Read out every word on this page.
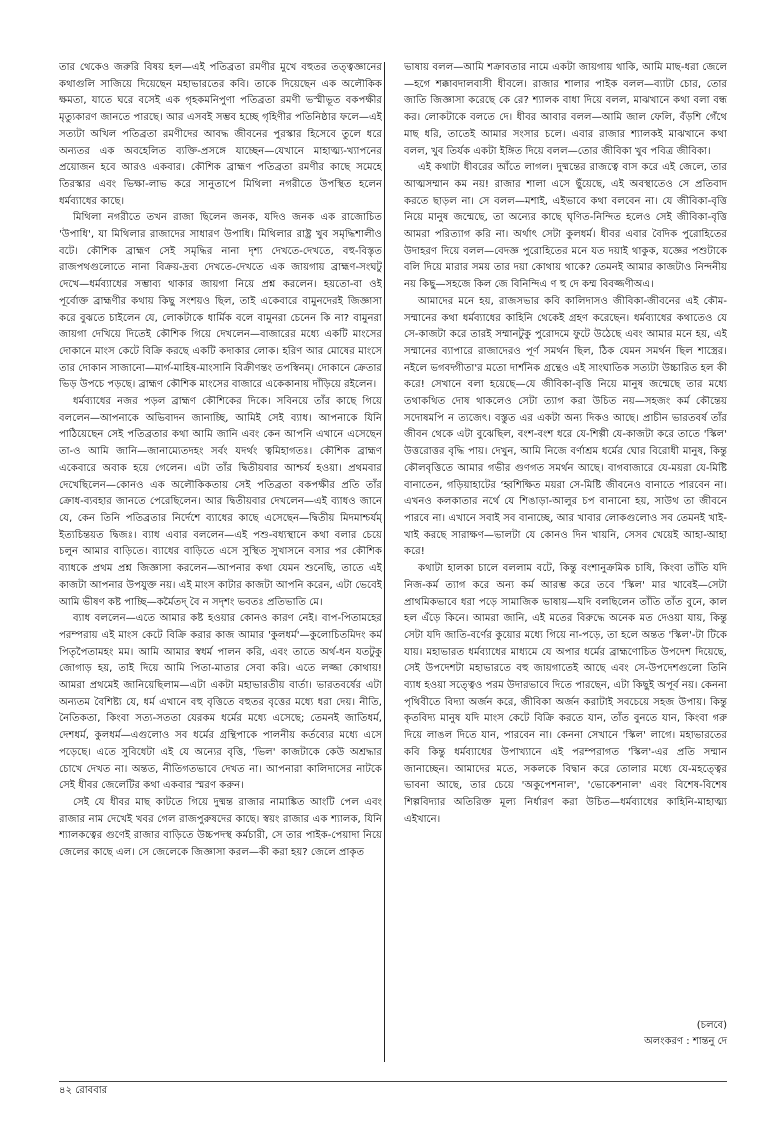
তার থেকেও জরুরি বিষয় হল—এই পতিব্রতা রমণীর মুখে বহুতর তত্ত্বজ্ঞানের কথাগুলি সাজিয়ে দিয়েছেন মহাভারতের কবি। তাকে দিয়েছেন এক অলৌকিক ক্ষমতা, যাতে ঘরে বসেই এক গৃহকমনিপুণা পতিব্রতা রমণী ভস্মীভূত বকপক্ষীর মৃত্যুকারণ জানতে পারছে। আর এসবই সম্ভব হচ্ছে গৃহিণীর পতিনিষ্ঠার ফলে—এই সত্যটা অখিল পতিব্রতা রমণীদের আবদ্ধ জীবনের পুরস্কার হিসেবে তুলে ধরে অন্যতর এক অবহেলিত ব্যক্তি-প্রসঙ্গে যাচ্ছেন—যেখানে মাহাত্ম্য-খ্যাপনের প্রয়োজন হবে আরও একবার। কৌশিক ব্রাহ্মণ পতিব্রতা রমণীর কাছে সমেহে তিরস্কার এবং ভিক্ষা-লাভ করে সানুতাপে মিথিলা নগরীতে উপস্থিত হলেন ধর্মব্যাধের কাছে।

মিথিলা নগরীতে তখন রাজা ছিলেন জনক, যদিও জনক এক রাজোচিত 'উপাধি', যা মিথিলার রাজাদের সাধারণ উপাধি। মিথিলার রাষ্ট্র খুব সমৃদ্ধিশালীও বটে। কৌশিক ব্রাহ্মণ সেই সমৃদ্ধির নানা দৃশ্য দেখতে-দেখতে, বহু-বিস্তৃত রাজপথগুলোতে নানা বিক্রয়-দ্রব্য দেখতে-দেখতে এক জায়গায় ব্রাহ্মণ-সংঘটু দেখে—ধর্মব্যাধের সম্ভাব্য থাকার জায়গা নিয়ে প্রশ্ন করলেন। হয়তো-বা ওই পূর্বোক্ত ব্রাহ্মণীর কথায় কিছু সংশয়ও ছিল, তাই একেবারে বামুনদেরই জিজ্ঞাসা করে বুঝতে চাইলেন যে, লোকটাকে ধার্মিক বলে বামুনরা চেনেন কি না? বামুনরা জায়গা দেখিয়ে দিতেই কৌশিক গিয়ে দেখলেন—বাজারের মধ্যে একটি মাংসের দোকানে মাংস কেটে বিক্রি করছে একটি কদাকার লোক। হরিণ আর মোষের মাংসে তার দোকান সাজানো—মার্গ-মাহিষ-মাংসানি বিক্রীণন্তং তপস্বিনম্। দোকানে ক্রেতার ভিড় উপচে পড়ছে। ব্রাহ্মণ কৌশিক মাংসের বাজারে একেকানায় দাঁড়িয়ে রইলেন।

ধর্মব্যাধের নজর পড়ল ব্রাহ্মণ কৌশিকের দিকে। সবিনয়ে তাঁর কাছে গিয়ে বললেন—আপনাকে অভিবাদন জানাচ্ছি, আমিই সেই ব্যাধ। আপনাকে যিনি পাঠিয়েছেন সেই পতিব্রতার কথা আমি জানি এবং কেন আপনি এখানে এসেছেন তা-ও আমি জানি—জানাম্যেতদহং সর্বং যদর্থং ত্বমিহাগতঃ। কৌশিক ব্রাহ্মণ একেবারে অবাক হয়ে গেলেন। এটা তাঁর দ্বিতীয়বার আশ্চর্য হওয়া। প্রথমবার দেখেছিলেন—কোনও এক অলৌকিকতায় সেই পতিব্রতা বকপক্ষীর প্রতি তাঁর ক্রোধ-ব্যবহার জানতে পেরেছিলেন। আর দ্বিতীয়বার দেখলেন—এই ব্যাধও জানে যে, কেন তিনি পতিব্রতার নির্দেশে ব্যাধের কাছে এসেছেন—দ্বিতীয় মিদমাশ্চর্যম্ ইত্যচিন্তয়ত দ্বিজঃ। ব্যাধ এবার বললেন—এই পশু-বধ্যস্থানে কথা বলার চেয়ে চলুন আমার বাড়িতে। ব্যাধের বাড়িতে এসে সুস্থিত সুখাসনে বসার পর কৌশিক ব্যাধকে প্রথম প্রশ্ন জিজ্ঞাসা করলেন—আপনার কথা যেমন শুনেছি, তাতে এই কাজটা আপনার উপযুক্ত নয়। এই মাংস কাটার কাজটা আপনি করেন, এটা ভেবেই আমি ভীষণ কষ্ট পাচ্ছি—কর্মৈতদ্ বৈ ন সদৃশং ভবতঃ প্রতিভাতি মে।

ব্যাধ বললেন—এতে আমার কষ্ট হওয়ার কোনও কারণ নেই। বাপ-পিতামহের পরম্পরায় এই মাংস কেটে বিক্রি করার কাজ আমার 'কুলধর্ম'—কুলোচিতমিদং কর্ম পিতৃপৈতামহং মম। আমি আমার স্বধর্ম পালন করি, এবং তাতে অর্থ-ধন যতটুকু জোগাড় হয়, তাই দিয়ে আমি পিতা-মাতার সেবা করি। এতে লজ্জা কোথায়! আমরা প্রথমেই জানিয়েছিলাম—এটা একটা মহাভারতীয় বার্তা। ভারতবর্ষের এটা অন্যতম বৈশিষ্ট্য যে, ধর্ম এখানে বহু বৃত্তিতে বহুতর বৃত্তের মধ্যে ধরা দেয়। নীতি, নৈতিকতা, কিংবা সত্য-সততা যেরকম ধর্মের মধ্যে এসেছে; তেমনই জাতিধর্ম, দেশধর্ম, কুলধর্ম—এগুলোও সব ধর্মের গ্রন্থিপাকে পালনীয় কর্তব্যের মধ্যে এসে পড়েছে। এতে সুবিধেটা এই যে অন্যের বৃত্তি, 'ভিল' কাজটাকে কেউ অশ্রদ্ধার চোখে দেখত না। অন্তত, নীতিগতভাবে দেখত না। আপনারা কালিদাসের নাটকে সেই ধীবর জেলেটির কথা একবার স্মরণ করুন।

সেই যে ধীবর মাছ কাটতে গিয়ে দুষ্মন্ত রাজার নামাঙ্কিত আংটি পেল এবং রাজার নাম দেখেই খবর গেল রাজপুরুষদের কাছে। স্বয়ং রাজার এক শ্যালক, যিনি শ্যালকত্বের গুণেই রাজার বাড়িতে উচ্চপদস্থ কর্মচারী, সে তার পাইক-পেয়াদা নিয়ে জেলের কাছে এল। সে জেলেকে জিজ্ঞাসা করল—কী করা হয়? জেলে প্রাকৃত

ভাষায় বলল—আমি শক্রাবতার নামে একটা জায়গায় থাকি, আমি মাছ-ধরা জেলে—হগে শক্কাবদালবাসী ধীবলে। রাজার শালার পাইক বলল—ব্যাটা চোর, তোর জাতি জিজ্ঞাসা করেছে কে রে? শ্যালক বাধা দিয়ে বলল, মাঝখানে কথা বলা বন্ধ কর। লোকটাকে বলতে দে। ধীবর আবার বলল—আমি জাল ফেলি, বঁড়শি গেঁথে মাছ ধরি, তাতেই আমার সংসার চলে। এবার রাজার শ্যালকই মাঝখানে কথা বলল, খুব তির্যক একটা ইঙ্গিত দিয়ে বলল—তোর জীবিকা খুব পবিত্র জীবিকা।

এই কথাটা ধীবরের আঁতে লাগল। দুষ্মন্তের রাজত্বে বাস করে এই জেলে, তার আত্মসম্মান কম নয়! রাজার শালা এসে ছুঁয়েছে, এই অবস্থাতেও সে প্রতিবাদ করতে ছাড়ল না। সে বলল—মশাই, এইভাবে কথা বলবেন না। যে জীবিকা-বৃত্তি নিয়ে মানুষ জন্মেছে, তা অন্যের কাছে ঘৃণিত-নিন্দিত হলেও সেই জীবিকা-বৃত্তি আমরা পরিত্যাগ করি না। অর্থাৎ সেটা কুলধর্ম। ধীবর এবার বৈদিক পুরোহিতের উদাহরণ দিয়ে বলল—বেদজ্ঞ পুরোহিতের মনে যত দয়াই থাকুক, যজ্ঞের পশুটাকে বলি দিয়ে মারার সময় তার দয়া কোথায় থাকে? তেমনই আমার কাজটাও নিন্দনীয় নয় কিছু—সহজে কিল জে বিনিন্দিএ ণ হু দে কম্ম বিবজ্জণীঅএ।

আমাদের মনে হয়, রাজসভার কবি কালিদাসও জীবিকা-জীবনের এই কৌম-সম্মানের কথা ধর্মব্যাধের কাহিনি থেকেই গ্রহণ করেছেন। ধর্মব্যাধের কথাতেও যে সে-কাজটা করে তারই সম্মানটুকু পুরোদমে ফুটে উঠেছে এবং আমার মনে হয়, এই সম্মানের ব্যাপারে রাজাদেরও পূর্ণ সমর্থন ছিল, ঠিক যেমন সমর্থন ছিল শাস্ত্রের। নইলে ভগবদ্গীতা'র মতো দার্শনিক গ্রন্থেও এই সাংঘাতিক সত্যটা উচ্চারিত হল কী করে! সেখানে বলা হয়েছে—যে জীবিকা-বৃত্তি নিয়ে মানুষ জন্মেছে তার মধ্যে তথাকথিত দোষ থাকলেও সেটা ত্যাগ করা উচিত নয়—সহজং কর্ম কৌন্তেয় সদোষমপি ন ত্যজেৎ। বস্তুত এর একটা অন্য দিকও আছে। প্রাচীন ভারতবর্ষ তাঁর জীবন থেকে এটা বুঝেছিল, বংশ-বংশ ধরে যে-শিল্পী যে-কাজটা করে তাতে 'স্কিল' উত্তরোত্তর বৃদ্ধি পায়। দেখুন, আমি নিজে বর্ণাশ্রম ধর্মের ঘোর বিরোধী মানুষ, কিন্তু কৌলবৃত্তিতে আমার গভীর গুণগত সমর্থন আছে। বাগবাজারে যে-ময়রা যে-মিষ্টি বানাতেন, গড়িয়াহাটের ‘হ্বশিক্ষিত ময়রা সে-মিষ্টি জীবনেও বানাতে পারবেন না। এখনও কলকাতার নর্থে যে শিঙাড়া-আলুর চপ বানানো হয়, সাউথ তা জীবনে পারবে না। এখানে সবাই সব বানাচ্ছে, আর খাবার লোকগুলোও সব তেমনই খাই-খাই করছে সারাক্ষণ—ভালটা যে কোনও দিন খায়নি, সেসব খেয়েই আহা-আহা করে!

কথাটা হালকা চালে বললাম বটে, কিন্তু বংশানুক্রমিক চাষি, কিংবা তাঁতি যদি নিজ-কর্ম ত্যাগ করে অন্য কর্ম আরম্ভ করে তবে 'স্কিল' মার খাবেই—সেটা প্রাথমিকভাবে ধরা পড়ে সামাজিক ভাষায়—যদি বলছিলেন তাঁতি তাঁত বুনে, কাল হল এঁড়ে কিনে। আমরা জানি, এই মতের বিরুদ্ধে অনেক মত দেওয়া যায়, কিন্তু সেটা যদি জাতি-বর্ণের কুয়োর মধ্যে গিয়ে না-পড়ে, তা হলে অন্তত 'স্কিল'-টা টিকে যায়। মহাভারত ধর্মব্যাধের মাধ্যমে যে অপার ধর্মের ব্রাহ্মণোচিত উপদেশ দিয়েছে, সেই উপদেশটা মহাভারতে বহু জায়গাতেই আছে এবং সে-উপদেশগুলো তিনি ব্যাধ হওয়া সত্ত্বেও পরম উদারভাবে দিতে পারছেন, এটা কিছুই অপূর্ব নয়। কেননা পৃথিবীতে বিদ্যা অর্জন করে, জীবিকা অর্জন করাটাই সবচেয়ে সহজ উপায়। কিন্তু কৃতবিদ্য মানুষ যদি মাংস কেটে বিক্রি করতে যান, তাঁত বুনতে যান, কিংবা গরু দিয়ে লাঙল দিতে যান, পারবেন না। কেননা সেখানে 'স্কিল' লাগে। মহাভারতের কবি কিন্তু ধর্মব্যাধের উপাখ্যানে এই পরম্পরাগত 'স্কিল'-এর প্রতি সম্মান জানাচ্ছেন। আমাদের মতে, সকলকে বিদ্বান করে তোলার মধ্যে যে-মহত্ত্বের ভাবনা আছে, তার চেয়ে 'অকুপেশনাল', 'ভোকেশনাল' এবং বিশেষ-বিশেষ শিল্পবিদ্যার অতিরিক্ত মূল্য নির্ধারণ করা উচিত—ধর্মব্যাধের কাহিনি-মাহাত্ম্য এইখানে।

(চলবে)
অলংকরণ : শান্তনু দে
৪২ রোববার
